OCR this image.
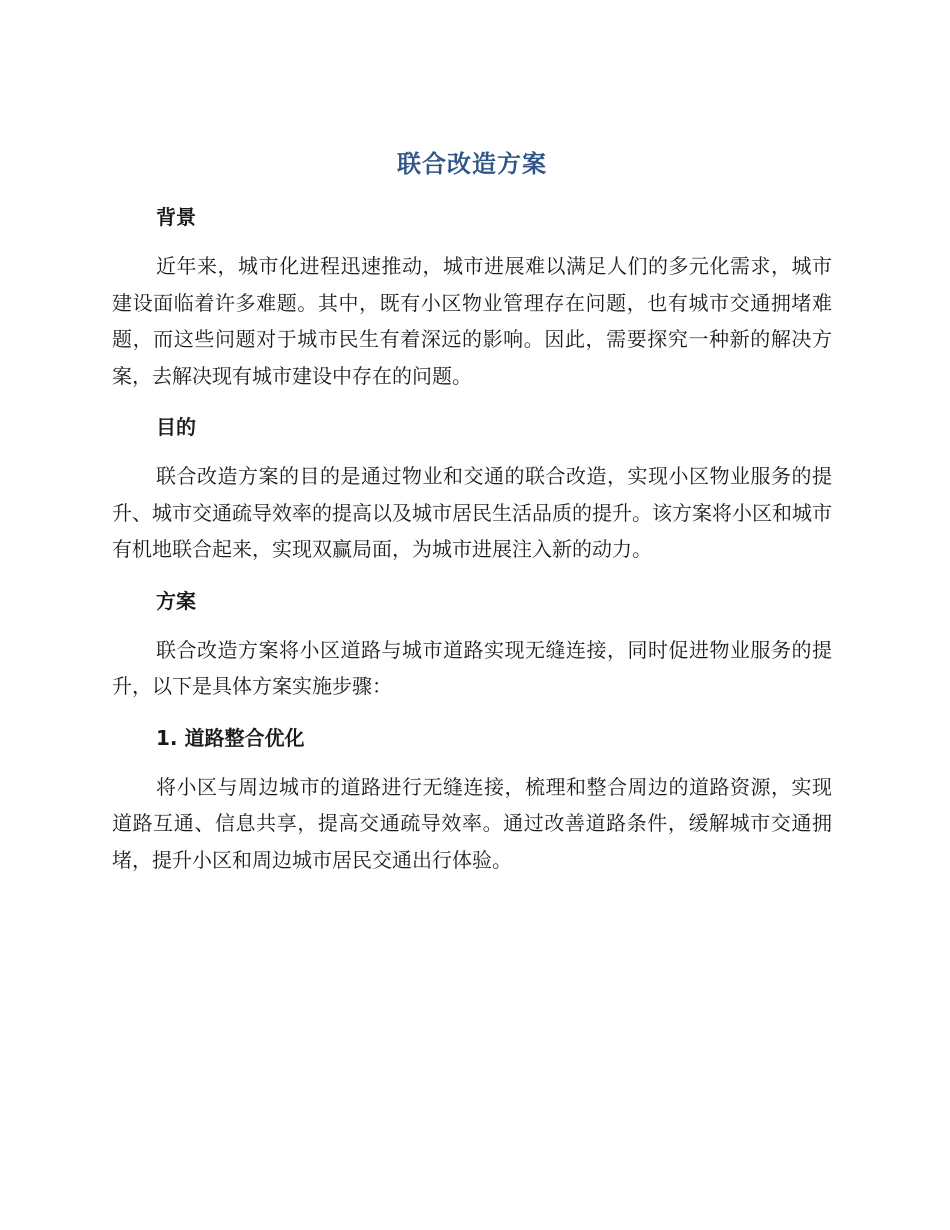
联合改造方案
背景

近年来，城市化进程迅速推动，城市进展难以满足人们的多元化需求，城市建设面临着许多难题。其中，既有小区物业管理存在问题，也有城市交通拥堵难题，而这些问题对于城市民生有着深远的影响。因此，需要探究一种新的解决方案，去解决现有城市建设中存在的问题。

目的

联合改造方案的目的是通过物业和交通的联合改造，实现小区物业服务的提升、城市交通疏导效率的提高以及城市居民生活品质的提升。该方案将小区和城市有机地联合起来，实现双赢局面，为城市进展注入新的动力。

方案

联合改造方案将小区道路与城市道路实现无缝连接，同时促进物业服务的提升，以下是具体方案实施步骤：

1. 道路整合优化

将小区与周边城市的道路进行无缝连接，梳理和整合周边的道路资源，实现道路互通、信息共享，提高交通疏导效率。通过改善道路条件，缓解城市交通拥堵，提升小区和周边城市居民交通出行体验。
